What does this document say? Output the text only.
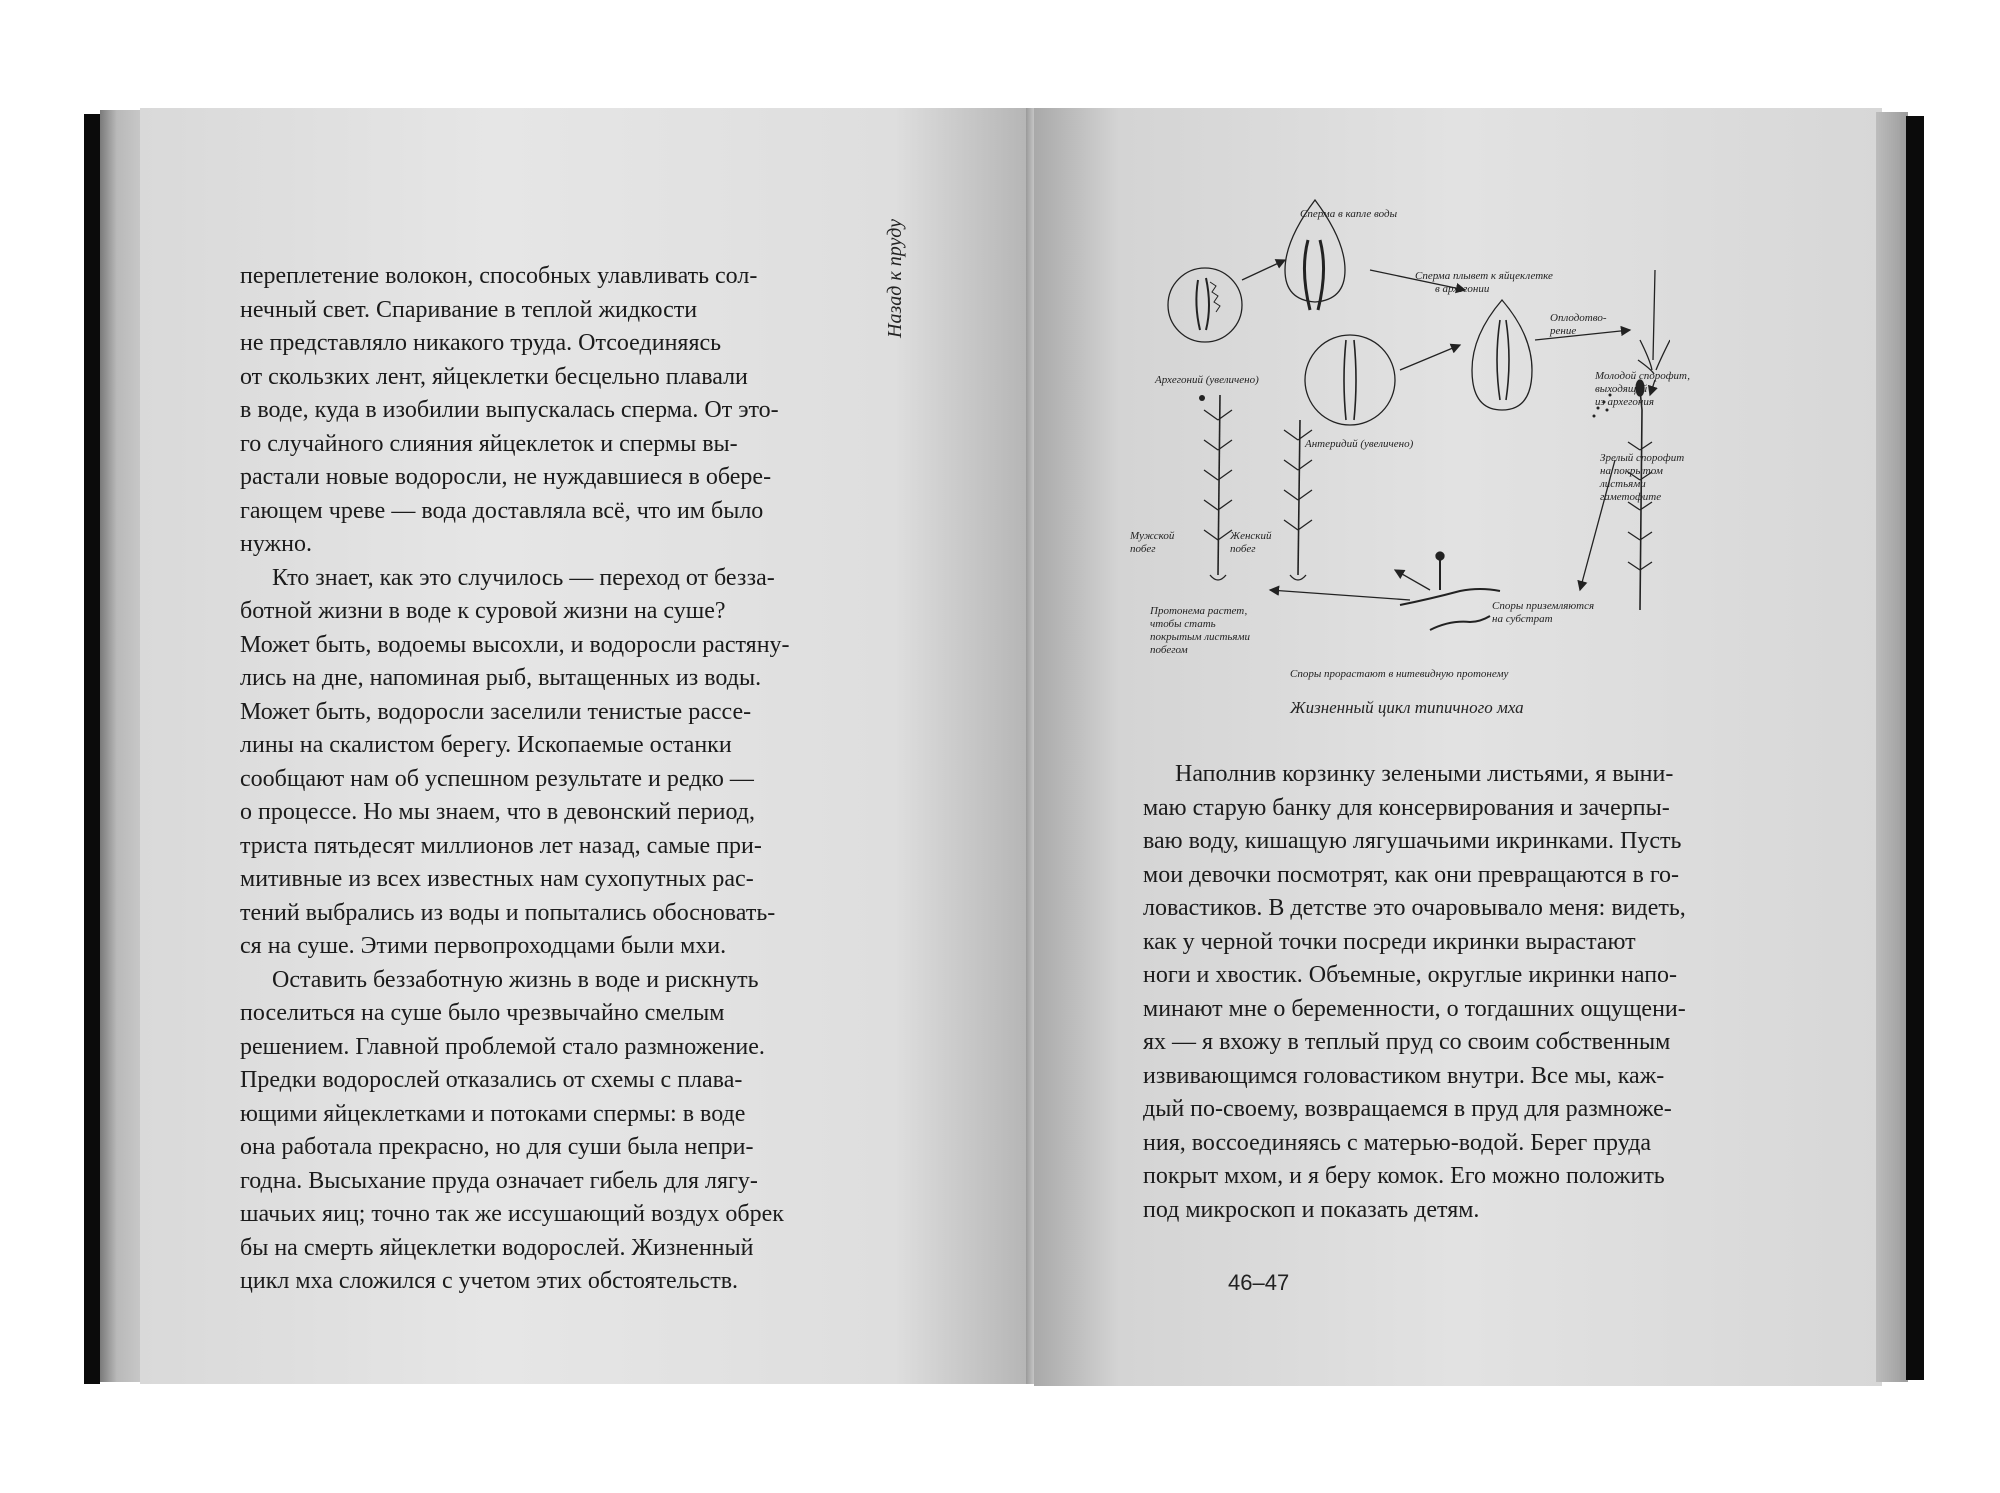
переплетение волокон, способных улавливать сол-
нечный свет. Спаривание в теплой жидкости
не представляло никакого труда. Отсоединяясь
от скользких лент, яйцеклетки бесцельно плавали
в воде, куда в изобилии выпускалась сперма. От это-
го случайного слияния яйцеклеток и спермы вы-
растали новые водоросли, не нуждавшиеся в обере-
гающем чреве — вода доставляла всё, что им было
нужно.

Кто знает, как это случилось — переход от безза-
ботной жизни в воде к суровой жизни на суше?
Может быть, водоемы высохли, и водоросли растяну-
лись на дне, напоминая рыб, вытащенных из воды.
Может быть, водоросли заселили тенистые рассе-
лины на скалистом берегу. Ископаемые останки
сообщают нам об успешном результате и редко —
о процессе. Но мы знаем, что в девонский период,
триста пятьдесят миллионов лет назад, самые при-
митивные из всех известных нам сухопутных рас-
тений выбрались из воды и попытались обосновать-
ся на суше. Этими первопроходцами были мхи.

Оставить беззаботную жизнь в воде и рискнуть
поселиться на суше было чрезвычайно смелым
решением. Главной проблемой стало размножение.
Предки водорослей отказались от схемы с плава-
ющими яйцеклетками и потоками спермы: в воде
она работала прекрасно, но для суши была непри-
годна. Высыхание пруда означает гибель для лягу-
шачьих яиц; точно так же иссушающий воздух обрек
бы на смерть яйцеклетки водорослей. Жизненный
цикл мха сложился с учетом этих обстоятельств.

Назад к пруду
Сперма в капле воды
Сперма плывет к яйцеклетке
в архегонии
Оплодотво-
рение
Молодой спорофит,
выходящий
из архегония
Архегоний (увеличено)
Антеридий (увеличено)
Зрелый спорофит
на покрытом
листьями
гаметофите
Мужской
побег
Женский
побег
Протонема растет,
чтобы стать
покрытым листьями
побегом
Споры приземляются
на субстрат
Споры прорастают в нитевидную протонему
Жизненный цикл типичного мха

Наполнив корзинку зелеными листьями, я выни-
маю старую банку для консервирования и зачерпы-
ваю воду, кишащую лягушачьими икринками. Пусть
мои девочки посмотрят, как они превращаются в го-
ловастиков. В детстве это очаровывало меня: видеть,
как у черной точки посреди икринки вырастают
ноги и хвостик. Объемные, округлые икринки напо-
минают мне о беременности, о тогдашних ощущени-
ях — я вхожу в теплый пруд со своим собственным
извивающимся головастиком внутри. Все мы, каж-
дый по-своему, возвращаемся в пруд для размноже-
ния, воссоединяясь с матерью-водой. Берег пруда
покрыт мхом, и я беру комок. Его можно положить
под микроскоп и показать детям.

46–47
